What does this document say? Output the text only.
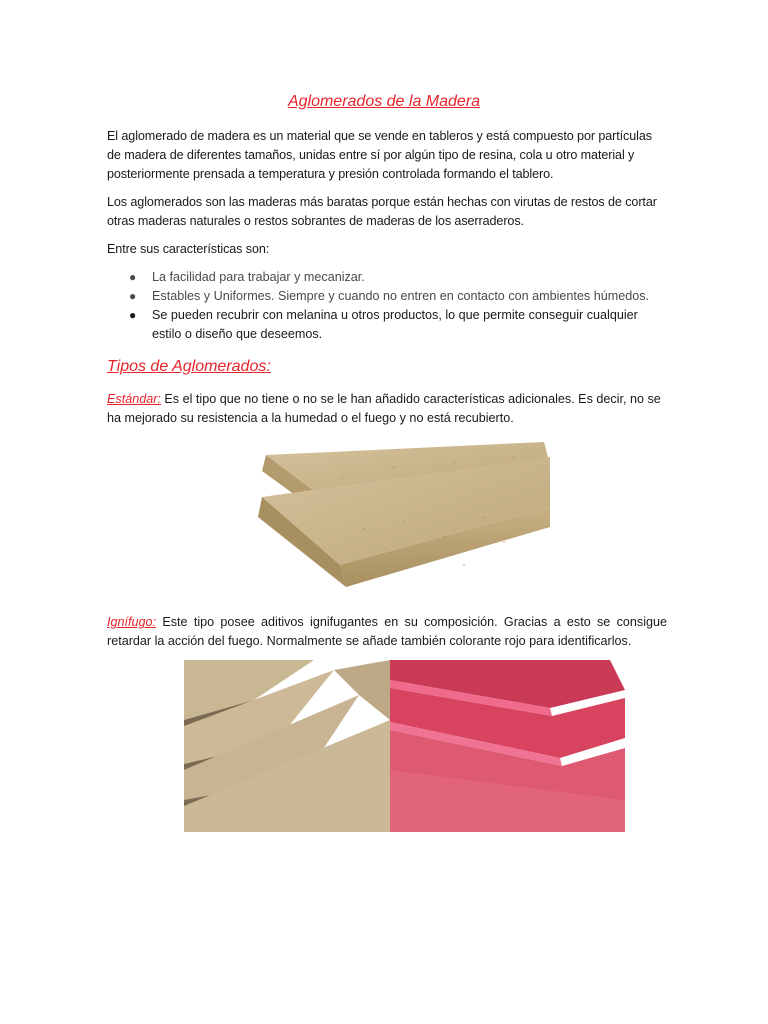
Aglomerados de la Madera
El aglomerado de madera es un material que se vende en tableros y está compuesto por partículas de madera de diferentes tamaños, unidas entre sí por algún tipo de resina, cola u otro material y posteriormente prensada a temperatura y presión controlada formando el tablero.
Los aglomerados son las maderas más baratas porque están hechas con virutas de restos de cortar otras maderas naturales o restos sobrantes de maderas de los aserraderos.
Entre sus características son:
● La facilidad para trabajar y mecanizar.
● Estables y Uniformes. Siempre y cuando no entren en contacto con ambientes húmedos.
● Se pueden recubrir con melanina u otros productos, lo que permite conseguir cualquier estilo o diseño que deseemos.
Tipos de Aglomerados:
Estándar: Es el tipo que no tiene o no se le han añadido características adicionales. Es decir, no se ha mejorado su resistencia a la humedad o el fuego y no está recubierto.
Ignífugo: Este tipo posee aditivos ignifugantes en su composición. Gracias a esto se consigue retardar la acción del fuego. Normalmente se añade también colorante rojo para identificarlos.
